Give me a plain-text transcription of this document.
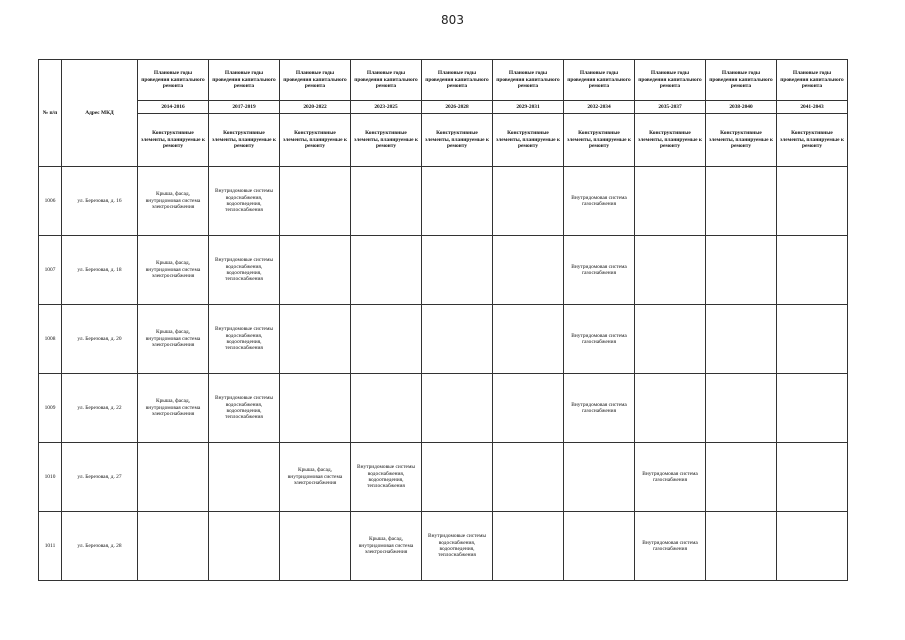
803
№ п/п	Адрес МКД	Плановые годы проведения капитального ремонта	Плановые годы проведения капитального ремонта	Плановые годы проведения капитального ремонта	Плановые годы проведения капитального ремонта	Плановые годы проведения капитального ремонта	Плановые годы проведения капитального ремонта	Плановые годы проведения капитального ремонта	Плановые годы проведения капитального ремонта	Плановые годы проведения капитального ремонта	Плановые годы проведения капитального ремонта
		2014-2016	2017-2019	2020-2022	2023-2025	2026-2028	2029-2031	2032-2034	2035-2037	2038-2040	2041-2043
		Конструктивные элементы, планируемые к ремонту	Конструктивные элементы, планируемые к ремонту	Конструктивные элементы, планируемые к ремонту	Конструктивные элементы, планируемые к ремонту	Конструктивные элементы, планируемые к ремонту	Конструктивные элементы, планируемые к ремонту	Конструктивные элементы, планируемые к ремонту	Конструктивные элементы, планируемые к ремонту	Конструктивные элементы, планируемые к ремонту	Конструктивные элементы, планируемые к ремонту
1006	ул. Березовая, д. 16	Крыша, фасад, внутридомовая система электроснабжения	Внутридомовые системы водоснабжения, водоотведения, теплоснабжения					Внутридомовая система газоснабжения			
1007	ул. Березовая, д. 18	Крыша, фасад, внутридомовая система электроснабжения	Внутридомовые системы водоснабжения, водоотведения, теплоснабжения					Внутридомовая система газоснабжения			
1008	ул. Березовая, д. 20	Крыша, фасад, внутридомовая система электроснабжения	Внутридомовые системы водоснабжения, водоотведения, теплоснабжения					Внутридомовая система газоснабжения			
1009	ул. Березовая, д. 22	Крыша, фасад, внутридомовая система электроснабжения	Внутридомовые системы водоснабжения, водоотведения, теплоснабжения					Внутридомовая система газоснабжения			
1010	ул. Березовая, д. 27			Крыша, фасад, внутридомовая система электроснабжения	Внутридомовые системы водоснабжения, водоотведения, теплоснабжения				Внутридомовая система газоснабжения		
1011	ул. Березовая, д. 28				Крыша, фасад, внутридомовая система электроснабжения	Внутридомовые системы водоснабжения, водоотведения, теплоснабжения			Внутридомовая система газоснабжения		
